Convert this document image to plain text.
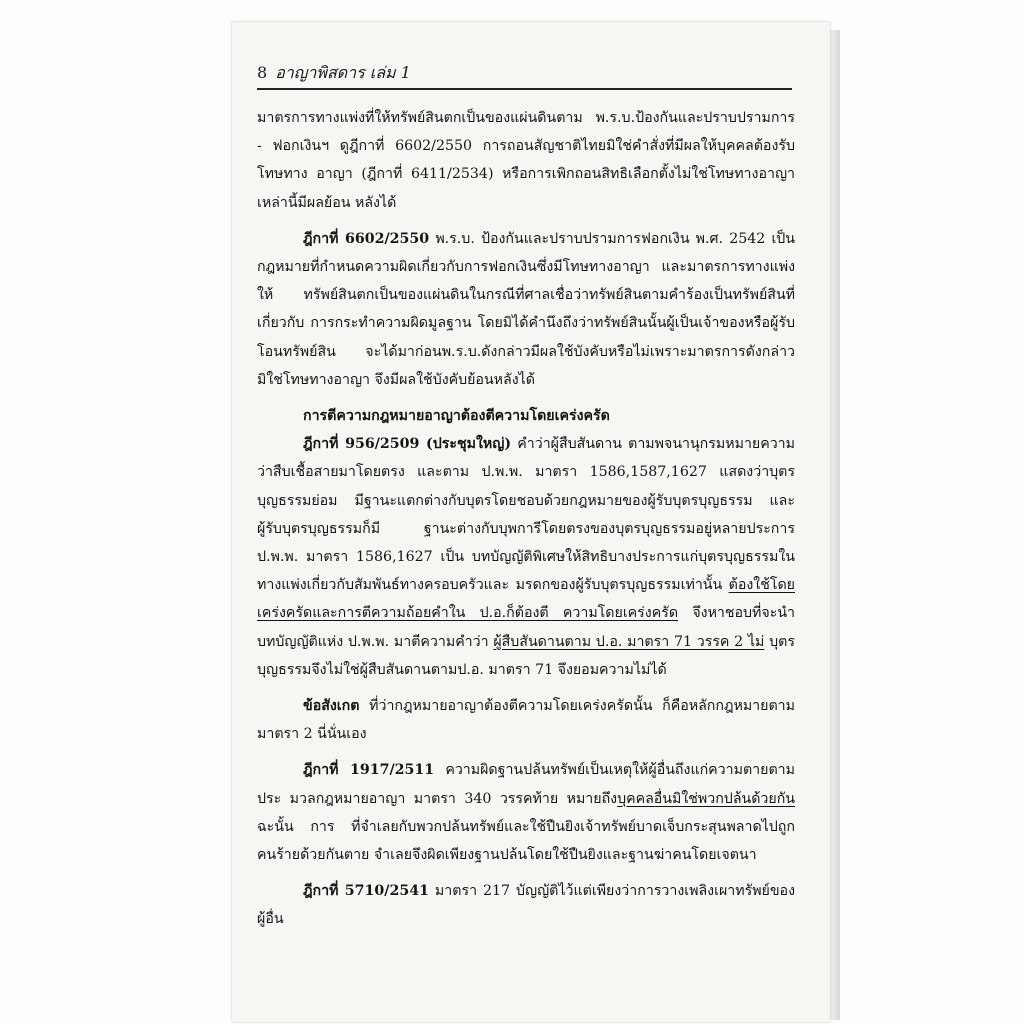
8 อาญาพิสดาร เล่ม 1

มาตรการทางแพ่งที่ให้ทรัพย์สินตกเป็นของแผ่นดินตาม พ.ร.บ.ป้องกันและปราบปรามการ - ฟอกเงินฯ ดูฎีกาที่ 6602/2550 การถอนสัญชาติไทยมิใช่คำสั่งที่มีผลให้บุคคลต้องรับโทษทาง อาญา (ฎีกาที่ 6411/2534) หรือการเพิกถอนสิทธิเลือกตั้งไม่ใช่โทษทางอาญา เหล่านี้มีผลย้อน หลังได้

ฎีกาที่ 6602/2550 พ.ร.บ. ป้องกันและปราบปรามการฟอกเงิน พ.ศ. 2542 เป็น กฎหมายที่กำหนดความผิดเกี่ยวกับการฟอกเงินซึ่งมีโทษทางอาญา และมาตรการทางแพ่งให้ ทรัพย์สินตกเป็นของแผ่นดินในกรณีที่ศาลเชื่อว่าทรัพย์สินตามคำร้องเป็นทรัพย์สินที่เกี่ยวกับ การกระทำความผิดมูลฐาน โดยมิได้คำนึงถึงว่าทรัพย์สินนั้นผู้เป็นเจ้าของหรือผู้รับโอนทรัพย์สิน จะได้มาก่อนพ.ร.บ.ดังกล่าวมีผลใช้บังคับหรือไม่เพราะมาตรการดังกล่าวมิใช่โทษทางอาญา จึงมีผลใช้บังคับย้อนหลังได้

การตีความกฎหมายอาญาต้องตีความโดยเคร่งครัด

ฎีกาที่ 956/2509 (ประชุมใหญ่) คำว่าผู้สืบสันดาน ตามพจนานุกรมหมายความ ว่าสืบเชื้อสายมาโดยตรง และตาม ป.พ.พ. มาตรา 1586,1587,1627 แสดงว่าบุตรบุญธรรมย่อม มีฐานะแตกต่างกับบุตรโดยชอบด้วยกฎหมายของผู้รับบุตรบุญธรรม และผู้รับบุตรบุญธรรมก็มี ฐานะต่างกับบุพการีโดยตรงของบุตรบุญธรรมอยู่หลายประการ ป.พ.พ. มาตรา 1586,1627 เป็น บทบัญญัติพิเศษให้สิทธิบางประการแก่บุตรบุญธรรมในทางแพ่งเกี่ยวกับสัมพันธ์ทางครอบครัวและ มรดกของผู้รับบุตรบุญธรรมเท่านั้น ต้องใช้โดยเคร่งครัดและการตีความถ้อยคำใน ป.อ.ก็ต้องตี ความโดยเคร่งครัด จึงหาชอบที่จะนำบทบัญญัติแห่ง ป.พ.พ. มาตีความคำว่า ผู้สืบสันดานตาม ป.อ. มาตรา 71 วรรค 2 ไม่ บุตรบุญธรรมจึงไม่ใช่ผู้สืบสันดานตามป.อ. มาตรา 71 จึงยอมความไม่ได้

ข้อสังเกต ที่ว่ากฎหมายอาญาต้องตีความโดยเคร่งครัดนั้น ก็คือหลักกฎหมายตาม มาตรา 2 นี่นั่นเอง

ฎีกาที่ 1917/2511 ความผิดฐานปล้นทรัพย์เป็นเหตุให้ผู้อื่นถึงแก่ความตายตามประ มวลกฎหมายอาญา มาตรา 340 วรรคท้าย หมายถึงบุคคลอื่นมิใช่พวกปล้นด้วยกัน ฉะนั้น การ ที่จำเลยกับพวกปล้นทรัพย์และใช้ปืนยิงเจ้าทรัพย์บาดเจ็บกระสุนพลาดไปถูกคนร้ายด้วยกันตาย จำเลยจึงผิดเพียงฐานปล้นโดยใช้ปืนยิงและฐานฆ่าคนโดยเจตนา

ฎีกาที่ 5710/2541 มาตรา 217 บัญญัติไว้แต่เพียงว่าการวางเพลิงเผาทรัพย์ของผู้อื่น
